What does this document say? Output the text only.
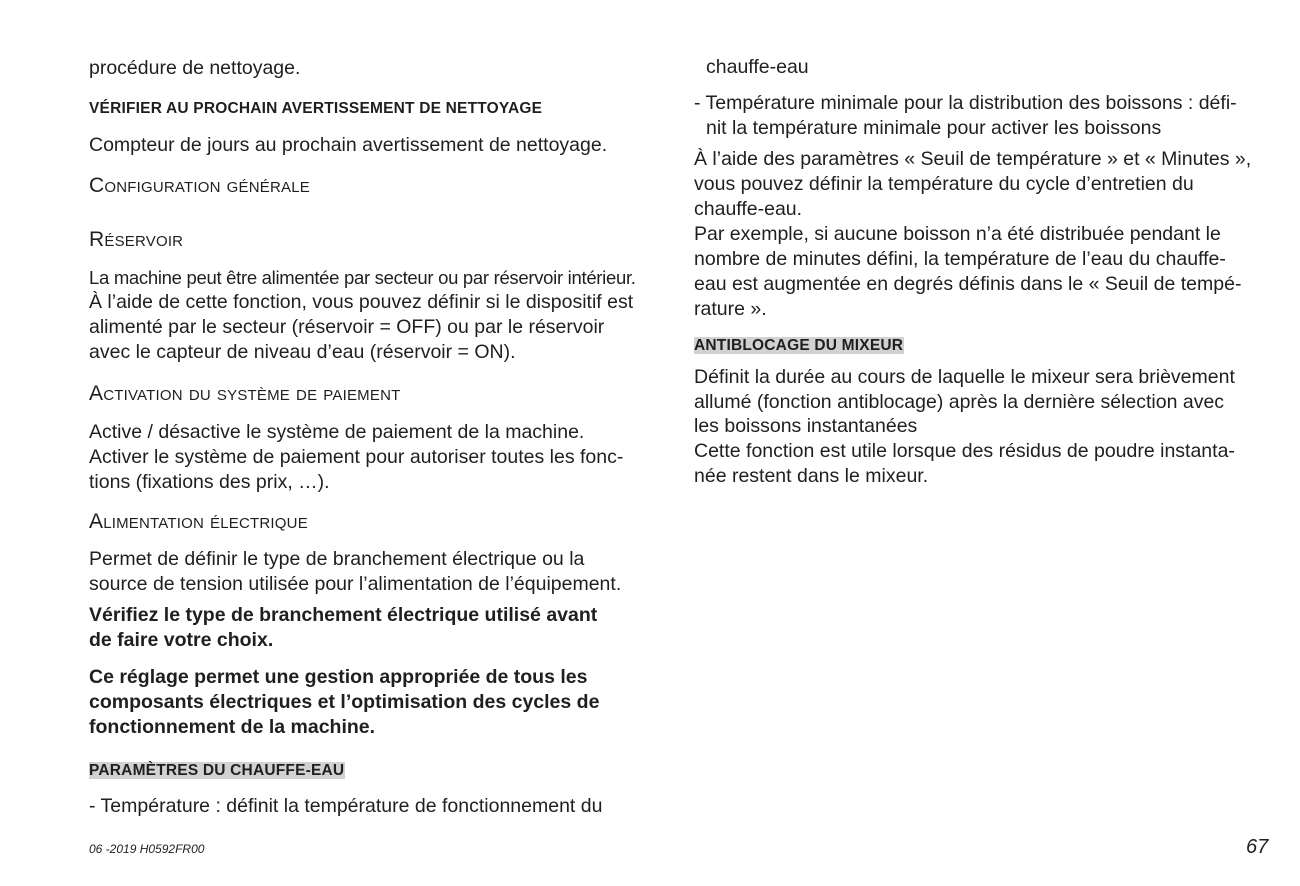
procédure de nettoyage.
VÉRIFIER AU PROCHAIN AVERTISSEMENT DE NETTOYAGE
Compteur de jours au prochain avertissement de nettoyage.
Configuration générale
Réservoir
La machine peut être alimentée par secteur ou par réservoir intérieur.
À l’aide de cette fonction, vous pouvez définir si le dispositif est
alimenté par le secteur (réservoir = OFF) ou par le réservoir
avec le capteur de niveau d’eau (réservoir = ON).
Activation du système de paiement
Active / désactive le système de paiement de la machine.
Activer le système de paiement pour autoriser toutes les fonc-
tions (fixations des prix, …).
Alimentation électrique
Permet de définir le type de branchement électrique ou la
source de tension utilisée pour l’alimentation de l’équipement.
Vérifiez le type de branchement électrique utilisé avant
de faire votre choix.
Ce réglage permet une gestion appropriée de tous les
composants électriques et l’optimisation des cycles de
fonctionnement de la machine.
PARAMÈTRES DU CHAUFFE-EAU
- Température : définit la température de fonctionnement du
chauffe-eau
- Température minimale pour la distribution des boissons : défi-
nit la température minimale pour activer les boissons
À l’aide des paramètres « Seuil de température » et « Minutes »,
vous pouvez définir la température du cycle d’entretien du
chauffe-eau.
Par exemple, si aucune boisson n’a été distribuée pendant le
nombre de minutes défini, la température de l’eau du chauffe-
eau est augmentée en degrés définis dans le « Seuil de tempé-
rature ».
ANTIBLOCAGE DU MIXEUR
Définit la durée au cours de laquelle le mixeur sera brièvement
allumé (fonction antiblocage) après la dernière sélection avec
les boissons instantanées
Cette fonction est utile lorsque des résidus de poudre instanta-
née restent dans le mixeur.
06 -2019 H0592FR00	67
